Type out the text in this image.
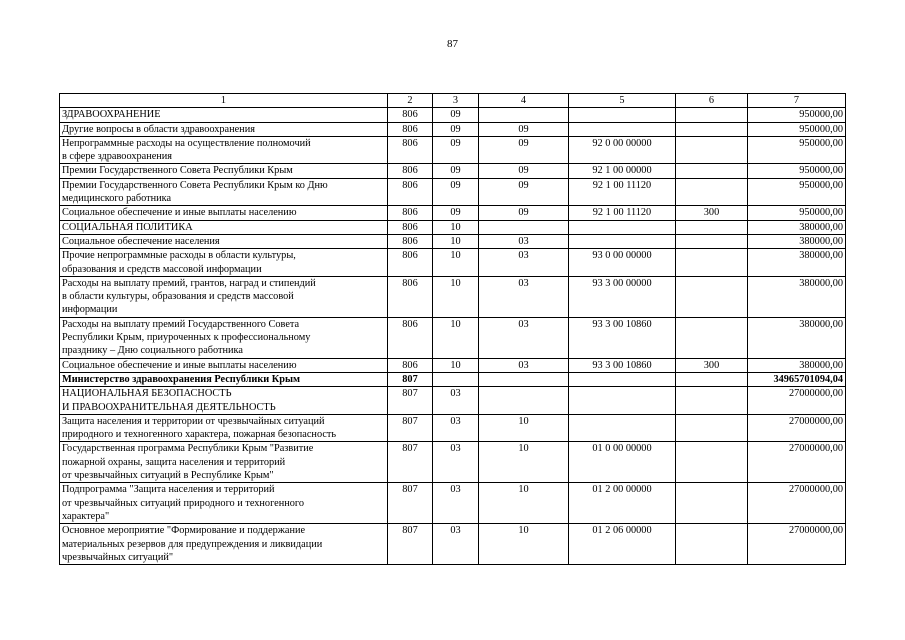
87
1	2	3	4	5	6	7
ЗДРАВООХРАНЕНИЕ	806	09				950000,00
Другие вопросы в области здравоохранения	806	09	09			950000,00
Непрограммные расходы на осуществление полномочий
в сфере здравоохранения	806	09	09	92 0 00 00000		950000,00
Премии Государственного Совета Республики Крым	806	09	09	92 1 00 00000		950000,00
Премии Государственного Совета Республики Крым ко Дню
медицинского работника	806	09	09	92 1 00 11120		950000,00
Социальное обеспечение и иные выплаты населению	806	09	09	92 1 00 11120	300	950000,00
СОЦИАЛЬНАЯ ПОЛИТИКА	806	10				380000,00
Социальное обеспечение населения	806	10	03			380000,00
Прочие непрограммные расходы в области культуры,
образования и средств массовой информации	806	10	03	93 0 00 00000		380000,00
Расходы на выплату премий, грантов, наград и стипендий
в области культуры, образования и средств массовой
информации	806	10	03	93 3 00 00000		380000,00
Расходы на выплату премий Государственного Совета
Республики Крым, приуроченных к профессиональному
празднику – Дню социального работника	806	10	03	93 3 00 10860		380000,00
Социальное обеспечение и иные выплаты населению	806	10	03	93 3 00 10860	300	380000,00
Министерство здравоохранения Республики Крым	807					34965701094,04
НАЦИОНАЛЬНАЯ БЕЗОПАСНОСТЬ
И ПРАВООХРАНИТЕЛЬНАЯ ДЕЯТЕЛЬНОСТЬ	807	03				27000000,00
Защита населения и территории от чрезвычайных ситуаций
природного и техногенного характера, пожарная безопасность	807	03	10			27000000,00
Государственная программа Республики Крым "Развитие
пожарной охраны, защита населения и территорий
от чрезвычайных ситуаций в Республике Крым"	807	03	10	01 0 00 00000		27000000,00
Подпрограмма "Защита населения и территорий
от чрезвычайных ситуаций природного и техногенного
характера"	807	03	10	01 2 00 00000		27000000,00
Основное мероприятие "Формирование и поддержание
материальных резервов для предупреждения и ликвидации
чрезвычайных ситуаций"	807	03	10	01 2 06 00000		27000000,00
